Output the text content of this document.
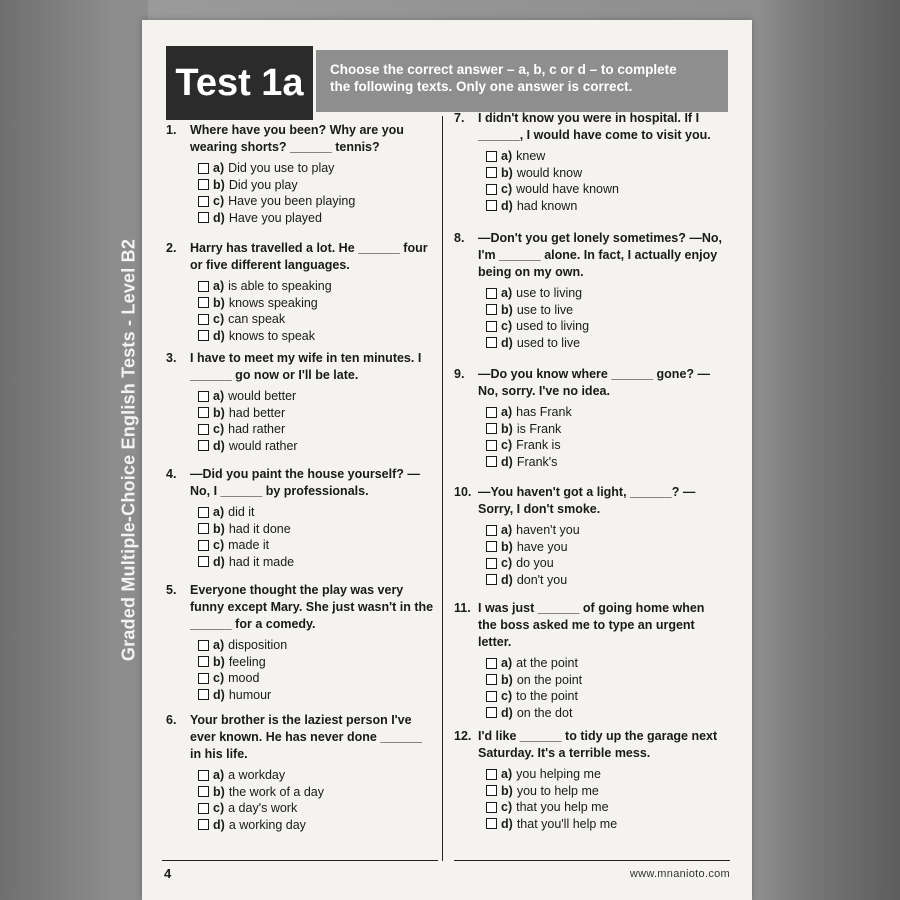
Graded Multiple-Choice English Tests - Level B2
Test 1a	Choose the correct answer – a, b, c or d – to complete
the following texts. Only one answer is correct.
1.	Where have you been? Why are you wearing shorts? ______ tennis?
a) Did you use to play
b) Did you play
c) Have you been playing
d) Have you played
2.	Harry has travelled a lot. He ______ four or five different languages.
a) is able to speaking
b) knows speaking
c) can speak
d) knows to speak
3.	I have to meet my wife in ten minutes. I ______ go now or I'll be late.
a) would better
b) had better
c) had rather
d) would rather
4.	—Did you paint the house yourself? —No, I ______ by professionals.
a) did it
b) had it done
c) made it
d) had it made
5.	Everyone thought the play was very funny except Mary. She just wasn't in the ______ for a comedy.
a) disposition
b) feeling
c) mood
d) humour
6.	Your brother is the laziest person I've ever known. He has never done ______ in his life.
a) a workday
b) the work of a day
c) a day's work
d) a working day
7.	I didn't know you were in hospital. If I ______, I would have come to visit you.
a) knew
b) would know
c) would have known
d) had known
8.	—Don't you get lonely sometimes? —No, I'm ______ alone. In fact, I actually enjoy being on my own.
a) use to living
b) use to live
c) used to living
d) used to live
9.	—Do you know where ______ gone? —No, sorry. I've no idea.
a) has Frank
b) is Frank
c) Frank is
d) Frank's
10. —You haven't got a light, ______? —Sorry, I don't smoke.
a) haven't you
b) have you
c) do you
d) don't you
11. I was just ______ of going home when the boss asked me to type an urgent letter.
a) at the point
b) on the point
c) to the point
d) on the dot
12. I'd like ______ to tidy up the garage next Saturday. It's a terrible mess.
a) you helping me
b) you to help me
c) that you help me
d) that you'll help me
4	www.mnanioto.com
